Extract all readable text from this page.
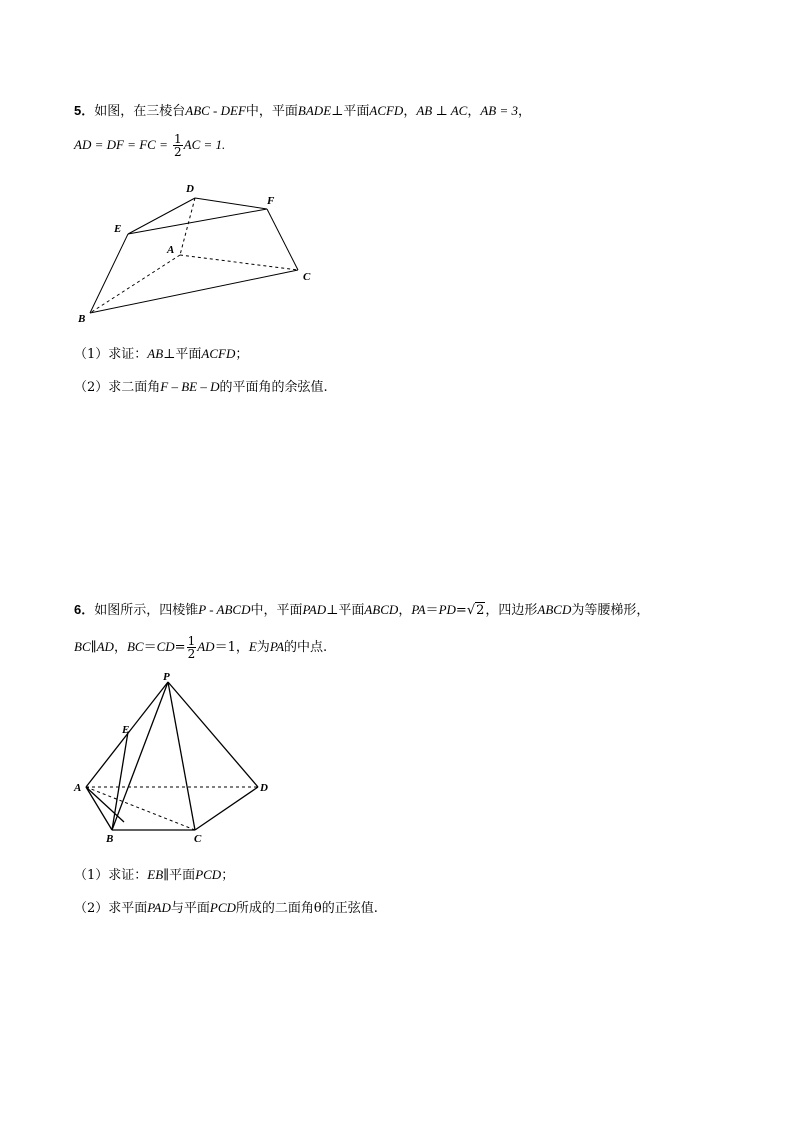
5．如图，在三棱台ABC - DEF中，平面BADE⊥平面ACFD，AB ⊥ AC，AB = 3，
AD = DF = FC = $\frac{1}{2}$ AC = 1.
D
F
E
A
C
B
（1）求证：AB⊥平面ACFD；
（2）求二面角F – BE – D的平面角的余弦值.
6．如图所示，四棱锥P - ABCD中，平面PAD⊥平面ABCD，PA＝PD=√2，四边形ABCD为等腰梯形，
BC∥AD，$BC=CD= \frac{1}{2} AD=1$，E为PA的中点.
P
E
A	D
B	C
（1）求证：EB∥平面PCD；
（2）求平面PAD与平面PCD所成的二面角θ的正弦值.
